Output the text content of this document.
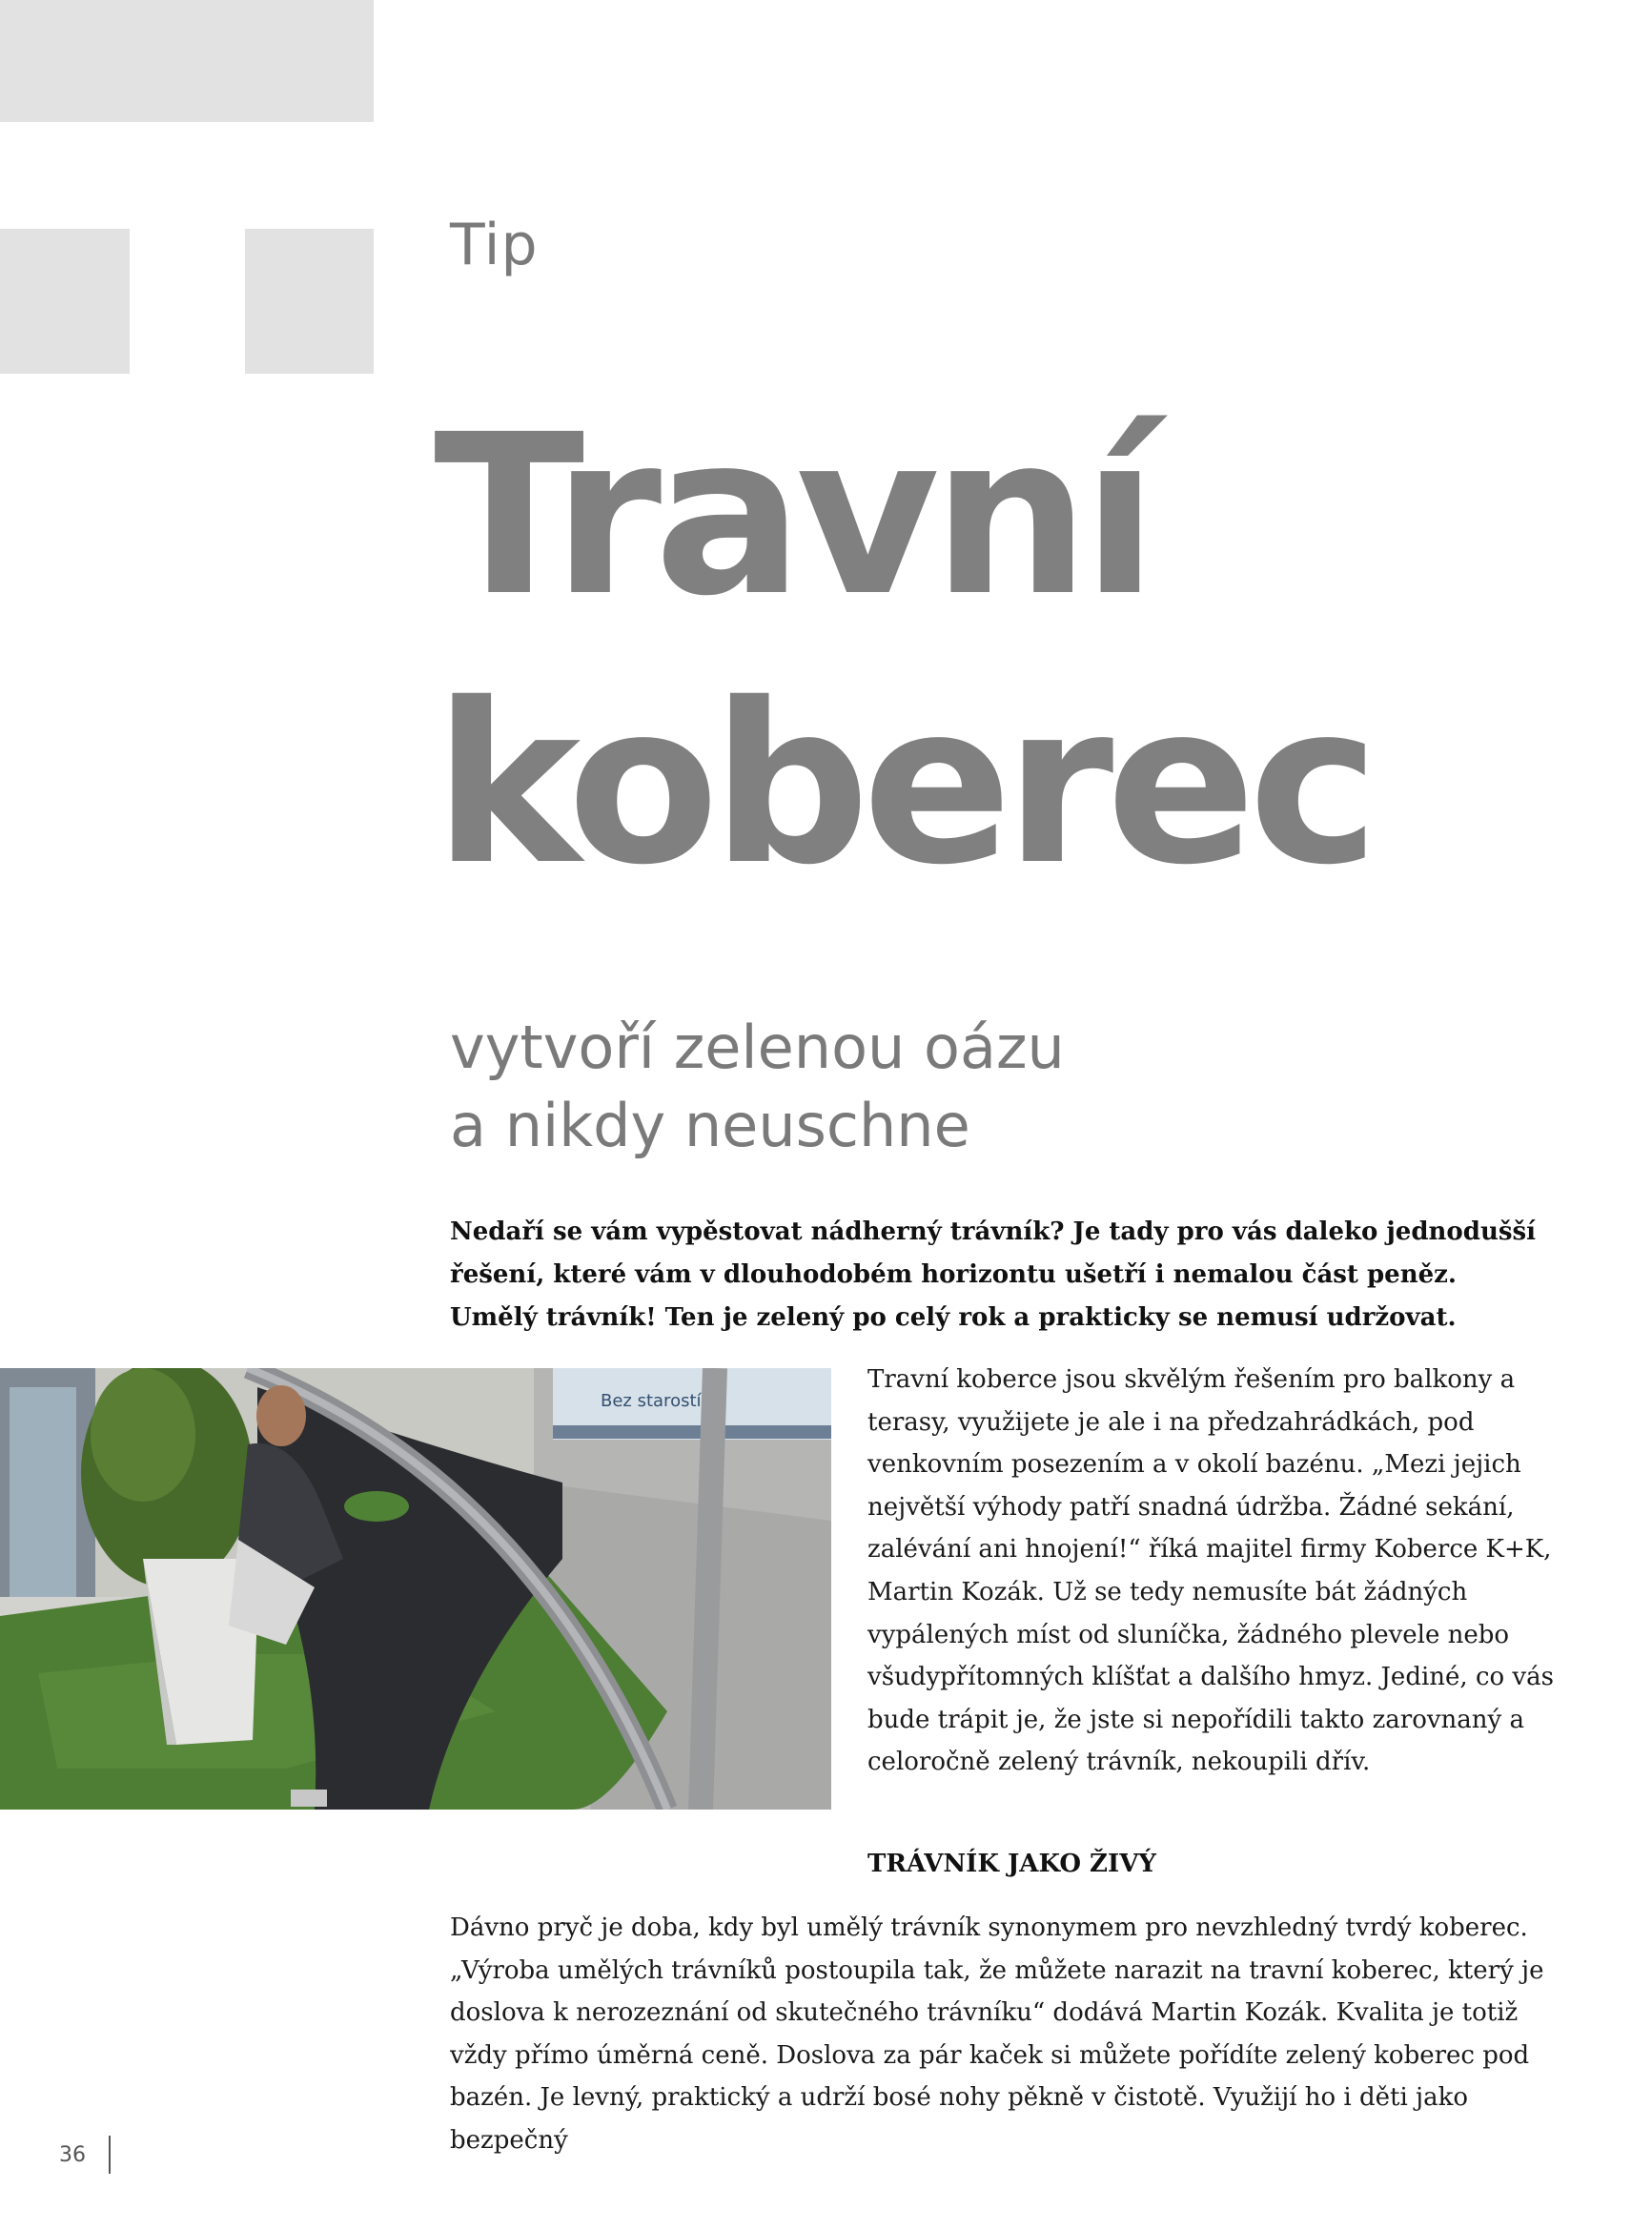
Tip
Travní
koberec
vytvoří zelenou oázu
a nikdy neuschne

Nedaří se vám vypěstovat nádherný trávník? Je tady pro vás daleko jednodušší řešení, které vám v dlouhodobém horizontu ušetří i nemalou část peněz. Umělý trávník! Ten je zelený po celý rok a prakticky se nemusí udržovat.

Bez starostí

Travní koberce jsou skvělým řešením pro balkony a terasy, využijete je ale i na předzahrádkách, pod venkovním posezením a v okolí bazénu. „Mezi jejich největší výhody patří snadná údržba. Žádné sekání, zalévání ani hnojení!“ říká majitel firmy Koberce K+K, Martin Kozák. Už se tedy nemusíte bát žádných vypálených míst od sluníčka, žádného plevele nebo všudypřítomných klíšťat a dalšího hmyz. Jediné, co vás bude trápit je, že jste si nepořídili takto zarovnaný a celoročně zelený trávník, nekoupili dřív.

TRÁVNÍK JAKO ŽIVÝ

Dávno pryč je doba, kdy byl umělý trávník synonymem pro nevzhledný tvrdý koberec. „Výroba umělých trávníků postoupila tak, že můžete narazit na travní koberec, který je doslova k nerozeznání od skutečného trávníku“ dodává Martin Kozák. Kvalita je totiž vždy přímo úměrná ceně. Doslova za pár kaček si můžete pořídíte zelený koberec pod bazén. Je levný, praktický a udrží bosé nohy pěkně v čistotě. Využijí ho i děti jako bezpečný

36
